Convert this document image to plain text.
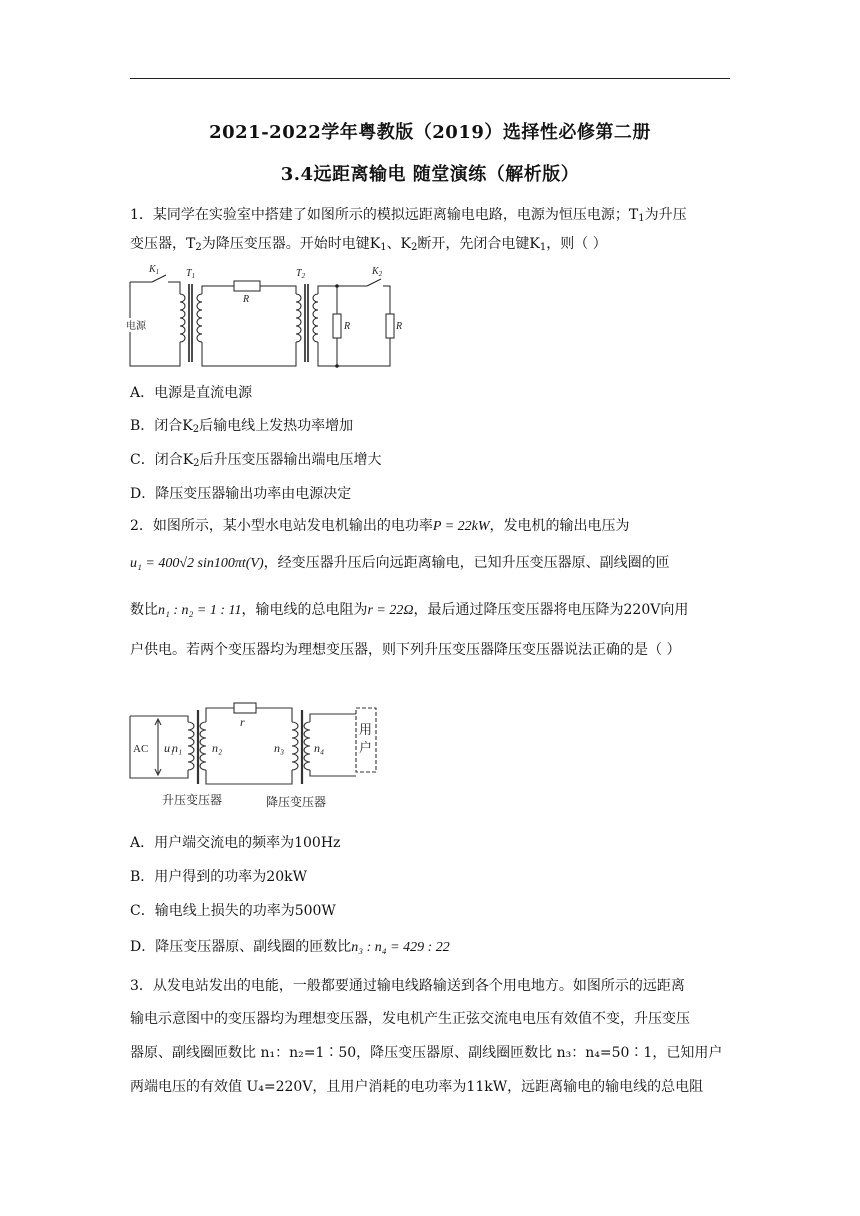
2021-2022学年粤教版（2019）选择性必修第二册
3.4远距离输电 随堂演练（解析版）
1．某同学在实验室中搭建了如图所示的模拟远距离输电电路，电源为恒压电源；$T_1$为升压
变压器，$T_2$为降压变压器。开始时电键$K_1$、$K_2$断开，先闭合电键$K_1$，则（ ）
$K_1$	$T_1$
R
$T_2$	$K_2$
R	R
电源
A．电源是直流电源
B．闭合$K_2$后输电线上发热功率增加
C．闭合$K_2$后升压变压器输出端电压增大
D．降压变压器输出功率由电源决定
2．如图所示，某小型水电站发电机输出的电功率P = 22kW，发电机的输出电压为
u₁ = 400√2 sin100πt(V)，经变压器升压后向远距离输电，已知升压变压器原、副线圈的匝
数比n₁ : n₂ = 1 : 11，输电线的总电阻为r = 22Ω，最后通过降压变压器将电压降为220V向用
户供电。若两个变压器均为理想变压器，则下列升压变压器降压变压器说法正确的是（ ）
AC u₁
n₁ n₂
r
n₃ n₄
用
户
升压变压器	降压变压器
A．用户端交流电的频率为100Hz
B．用户得到的功率为20kW
C．输电线上损失的功率为500W
D．降压变压器原、副线圈的匝数比n₃ : n₄ = 429 : 22
3．从发电站发出的电能，一般都要通过输电线路输送到各个用电地方。如图所示的远距离
输电示意图中的变压器均为理想变压器，发电机产生正弦交流电电压有效值不变，升压变压
器原、副线圈匝数比 n₁：n₂=1∶50，降压变压器原、副线圈匝数比 n₃：n₄=50∶1，已知用户
两端电压的有效值 U₄=220V，且用户消耗的电功率为11kW，远距离输电的输电线的总电阻
